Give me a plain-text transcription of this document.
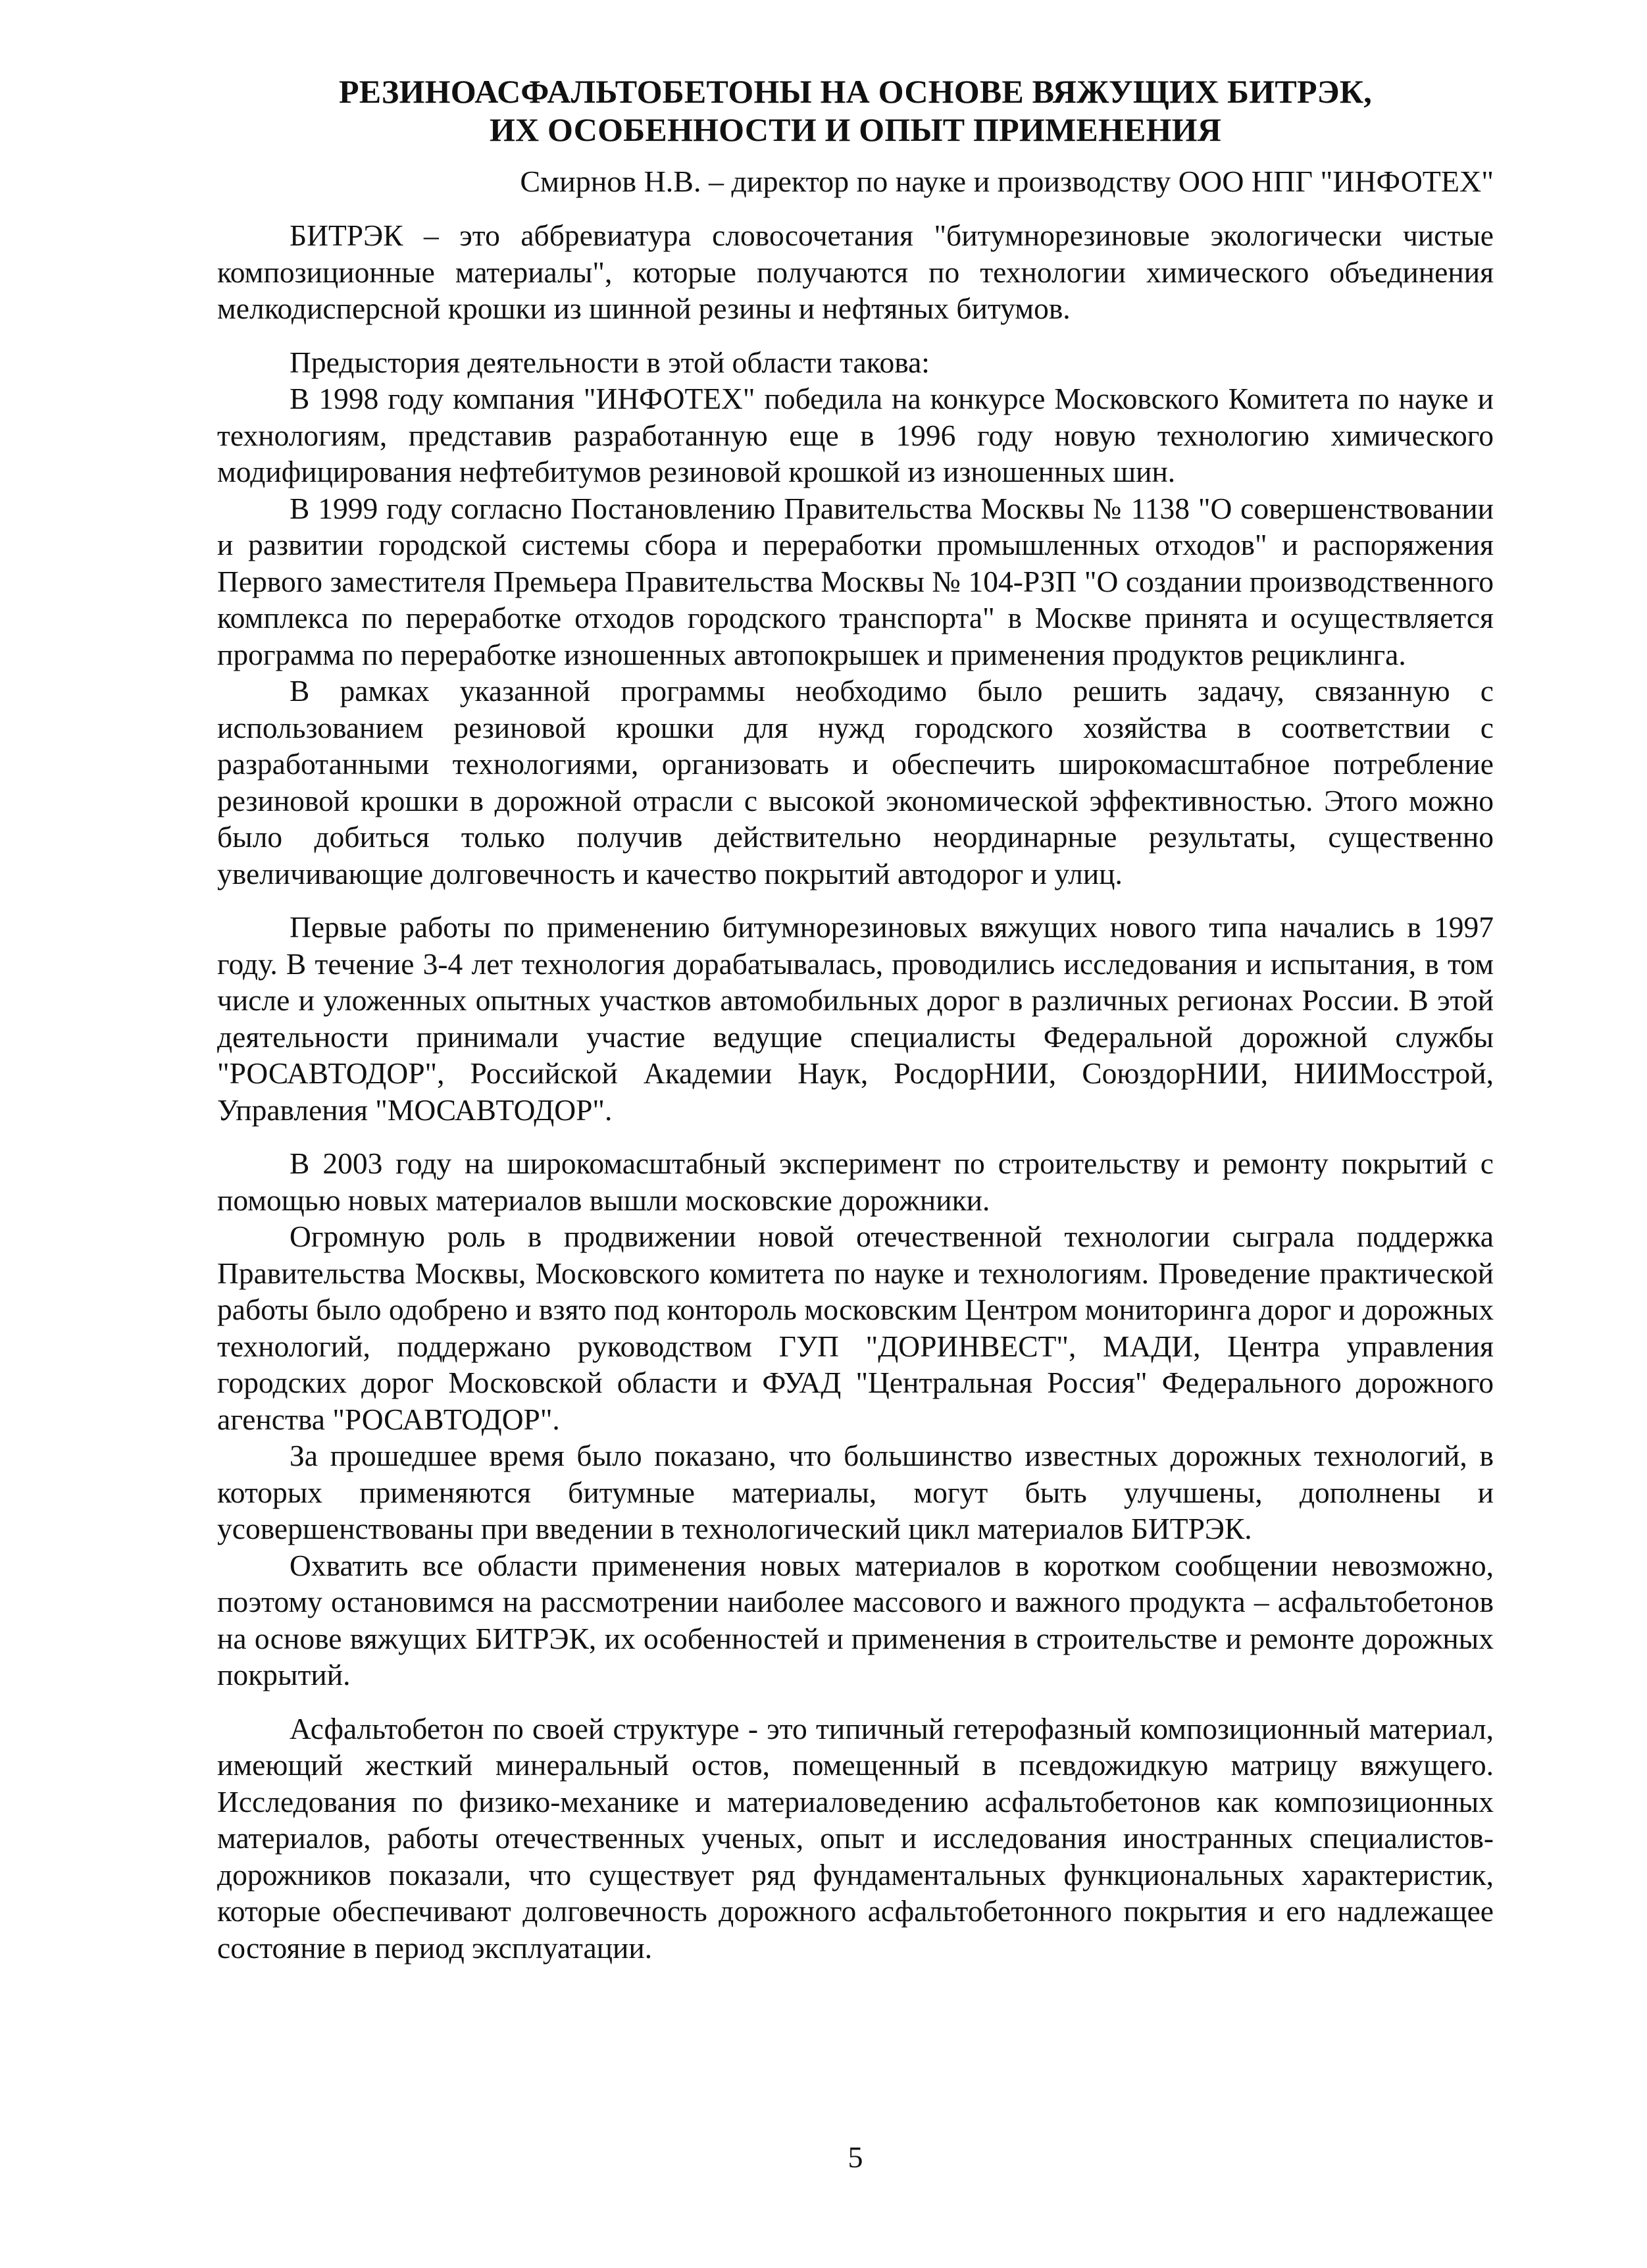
РЕЗИНОАСФАЛЬТОБЕТОНЫ НА ОСНОВЕ ВЯЖУЩИХ БИТРЭК,
ИХ ОСОБЕННОСТИ И ОПЫТ ПРИМЕНЕНИЯ

Смирнов Н.В. – директор по науке и производству ООО НПГ "ИНФОТЕХ"

БИТРЭК – это аббревиатура словосочетания "битумнорезиновые экологически чистые композиционные материалы", которые получаются по технологии химического объединения мелкодисперсной крошки из шинной резины и нефтяных битумов.

Предыстория деятельности в этой области такова:

В 1998 году компания "ИНФОТЕХ" победила на конкурсе Московского Комитета по науке и технологиям, представив разработанную еще в 1996 году новую технологию химического модифицирования нефтебитумов резиновой крошкой из изношенных шин.

В 1999 году согласно Постановлению Правительства Москвы № 1138 "О совершенствовании и развитии городской системы сбора и переработки промышленных отходов" и распоряжения Первого заместителя Премьера Правительства Москвы № 104-РЗП "О создании производственного комплекса по переработке отходов городского транспорта" в Москве принята и осуществляется программа по переработке изношенных автопокрышек и применения продуктов рециклинга.

В рамках указанной программы необходимо было решить задачу, связанную с использованием резиновой крошки для нужд городского хозяйства в соответствии с разработанными технологиями, организовать и обеспечить широкомасштабное потребление резиновой крошки в дорожной отрасли с высокой экономической эффективностью. Этого можно было добиться только получив действительно неординарные результаты, существенно увеличивающие долговечность и качество покрытий автодорог и улиц.

Первые работы по применению битумнорезиновых вяжущих нового типа начались в 1997 году. В течение 3-4 лет технология дорабатывалась, проводились исследования и испытания, в том числе и уложенных опытных участков автомобильных дорог в различных регионах России. В этой деятельности принимали участие ведущие специалисты Федеральной дорожной службы "РОСАВТОДОР", Российской Академии Наук, РосдорНИИ, СоюздорНИИ, НИИМосстрой, Управления "МОСАВТОДОР".

В 2003 году на широкомасштабный эксперимент по строительству и ремонту покрытий с помощью новых материалов вышли московские дорожники.

Огромную роль в продвижении новой отечественной технологии сыграла поддержка Правительства Москвы, Московского комитета по науке и технологиям. Проведение практической работы было одобрено и взято под контороль московским Центром мониторинга дорог и дорожных технологий, поддержано руководством ГУП "ДОРИНВЕСТ", МАДИ, Центра управления городских дорог Московской области и ФУАД "Центральная Россия" Федерального дорожного агенства "РОСАВТОДОР".

За прошедшее время было показано, что большинство известных дорожных технологий, в которых применяются битумные материалы, могут быть улучшены, дополнены и усовершенствованы при введении в технологический цикл материалов БИТРЭК.

Охватить все области применения новых материалов в коротком сообщении невозможно, поэтому остановимся на рассмотрении наиболее массового и важного продукта – асфальтобетонов на основе вяжущих БИТРЭК, их особенностей и применения в строительстве и ремонте дорожных покрытий.

Асфальтобетон по своей структуре - это типичный гетерофазный композиционный материал, имеющий жесткий минеральный остов, помещенный в псевдожидкую матрицу вяжущего. Исследования по физико-механике и материаловедению асфальтобетонов как композиционных материалов, работы отечественных ученых, опыт и исследования иностранных специалистов-дорожников показали, что существует ряд фундаментальных функциональных характеристик, которые обеспечивают долговечность дорожного асфальтобетонного покрытия и его надлежащее состояние в период эксплуатации.

5
